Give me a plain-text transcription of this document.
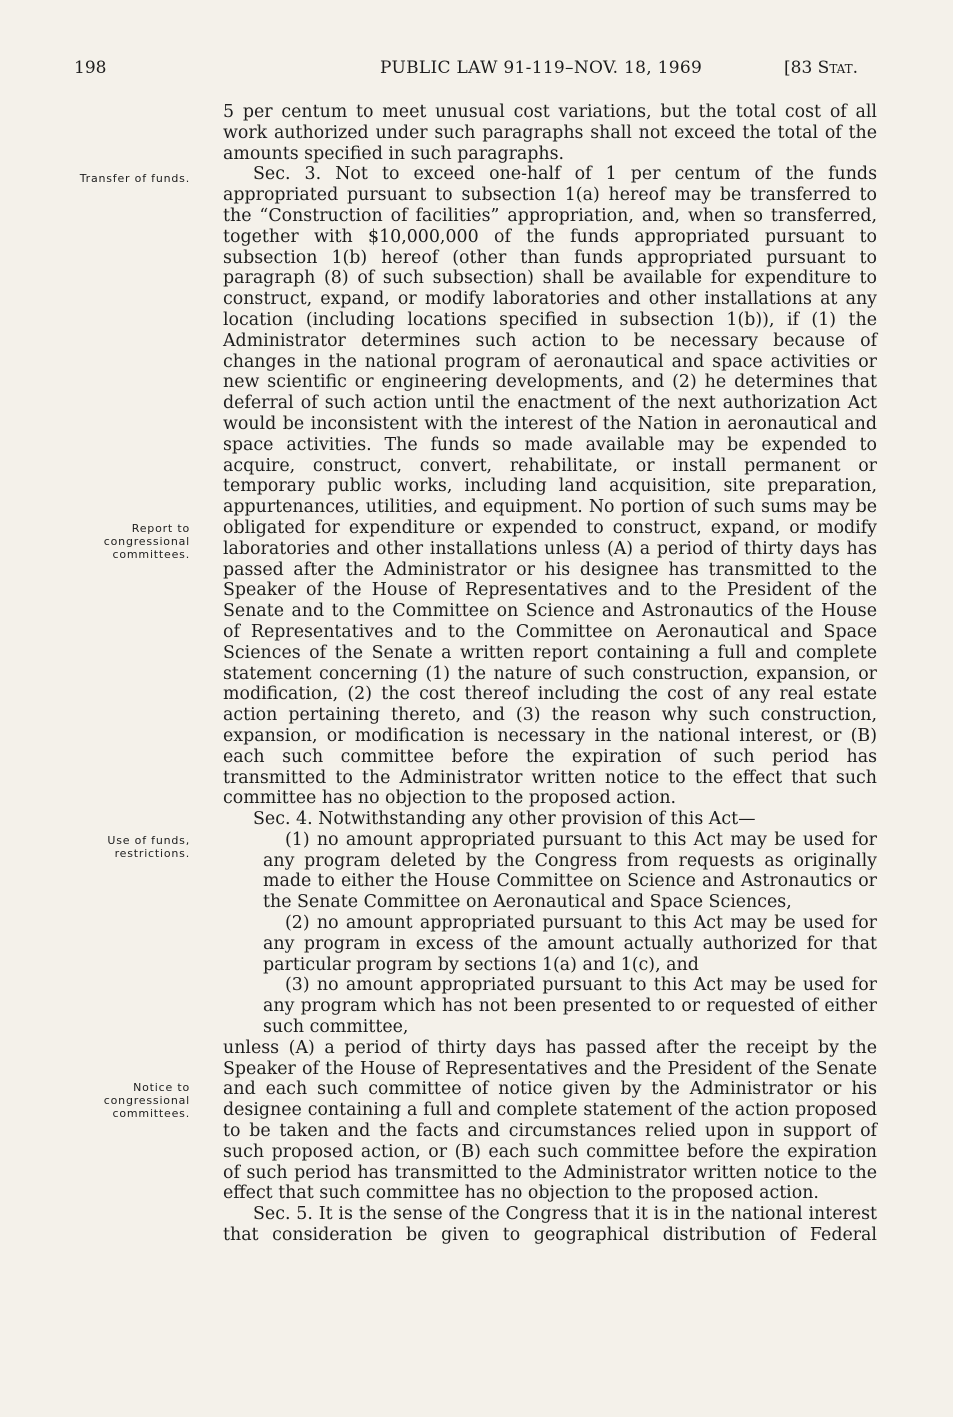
198	PUBLIC LAW 91-119–NOV. 18, 1969	[83 Stat.
Transfer of funds.
Report to congressional committees.
Use of funds, restrictions.
Notice to congressional committees.

5 per centum to meet unusual cost variations, but the total cost of all work authorized under such paragraphs shall not exceed the total of the amounts specified in such paragraphs.

Sec. 3. Not to exceed one-half of 1 per centum of the funds appropriated pursuant to subsection 1(a) hereof may be transferred to the “Construction of facilities” appropriation, and, when so transferred, together with $10,000,000 of the funds appropriated pursuant to subsection 1(b) hereof (other than funds appropriated pursuant to paragraph (8) of such subsection) shall be available for expenditure to construct, expand, or modify laboratories and other installations at any location (including locations specified in subsection 1(b)), if (1) the Administrator determines such action to be necessary because of changes in the national program of aeronautical and space activities or new scientific or engineering developments, and (2) he determines that deferral of such action until the enactment of the next authorization Act would be inconsistent with the interest of the Nation in aeronautical and space activities. The funds so made available may be expended to acquire, construct, convert, rehabilitate, or install permanent or temporary public works, including land acquisition, site preparation, appurtenances, utilities, and equipment. No portion of such sums may be obligated for expenditure or expended to construct, expand, or modify laboratories and other installations unless (A) a period of thirty days has passed after the Administrator or his designee has transmitted to the Speaker of the House of Representatives and to the President of the Senate and to the Committee on Science and Astronautics of the House of Representatives and to the Committee on Aeronautical and Space Sciences of the Senate a written report containing a full and complete statement concerning (1) the nature of such construction, expansion, or modification, (2) the cost thereof including the cost of any real estate action pertaining thereto, and (3) the reason why such construction, expansion, or modification is necessary in the national interest, or (B) each such committee before the expiration of such period has transmitted to the Administrator written notice to the effect that such committee has no objection to the proposed action.

Sec. 4. Notwithstanding any other provision of this Act—

(1) no amount appropriated pursuant to this Act may be used for any program deleted by the Congress from requests as originally made to either the House Committee on Science and Astronautics or the Senate Committee on Aeronautical and Space Sciences,

(2) no amount appropriated pursuant to this Act may be used for any program in excess of the amount actually authorized for that particular program by sections 1(a) and 1(c), and

(3) no amount appropriated pursuant to this Act may be used for any program which has not been presented to or requested of either such committee,

unless (A) a period of thirty days has passed after the receipt by the Speaker of the House of Representatives and the President of the Senate and each such committee of notice given by the Administrator or his designee containing a full and complete statement of the action proposed to be taken and the facts and circumstances relied upon in support of such proposed action, or (B) each such committee before the expiration of such period has transmitted to the Administrator written notice to the effect that such committee has no objection to the proposed action.

Sec. 5. It is the sense of the Congress that it is in the national interest that consideration be given to geographical distribution of Federal
